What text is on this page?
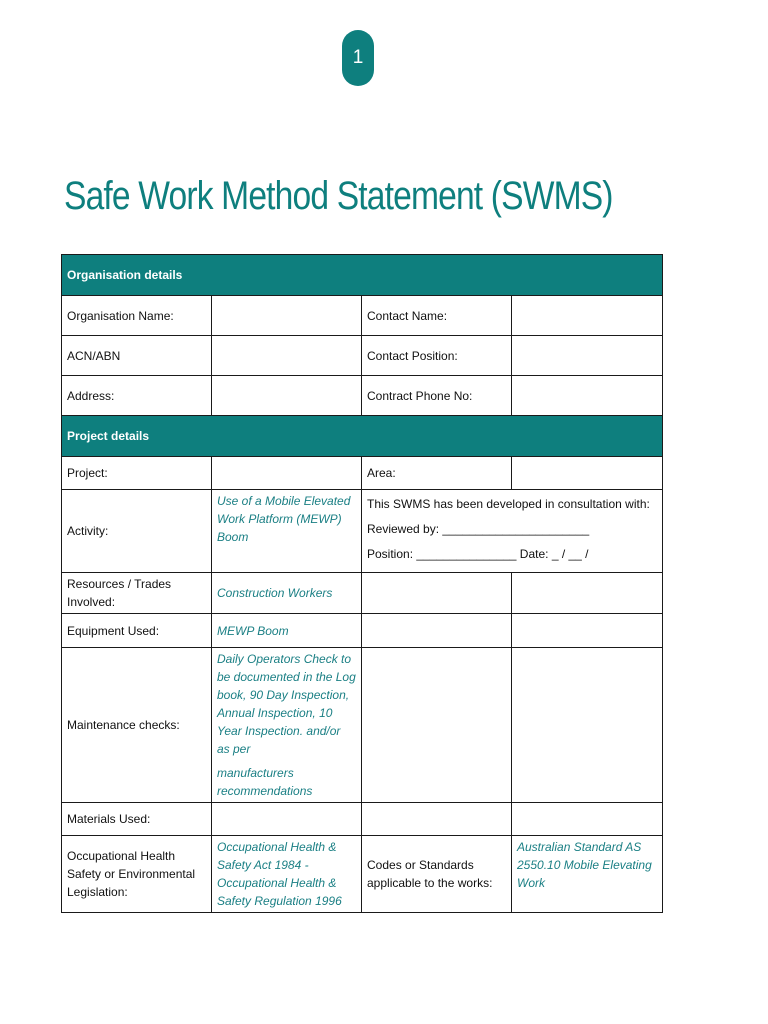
1
Safe Work Method Statement (SWMS)
Organisation details			
Organisation Name:		Contact Name:	
ACN/ABN		Contact Position:	
Address:		Contract Phone No:	
Project details			
Project:		Area:	
Activity:	Use of a Mobile Elevated Work Platform (MEWP) Boom	This SWMS has been developed in consultation with:
Reviewed by: ______________________
Position: _______________ Date: _ / __ /	

Resources / Trades Involved:	Construction Workers		
Equipment Used:	MEWP Boom		
Maintenance checks:	Daily Operators Check to be documented in the Log book, 90 Day Inspection, Annual Inspection, 10 Year Inspection. and/or as per
manufacturers recommendations		

Materials Used:			
Occupational Health Safety or Environmental Legislation:	Occupational Health & Safety Act 1984 - Occupational Health & Safety Regulation 1996	Codes or Standards applicable to the works:	Australian Standard AS 2550.10 Mobile Elevating Work
